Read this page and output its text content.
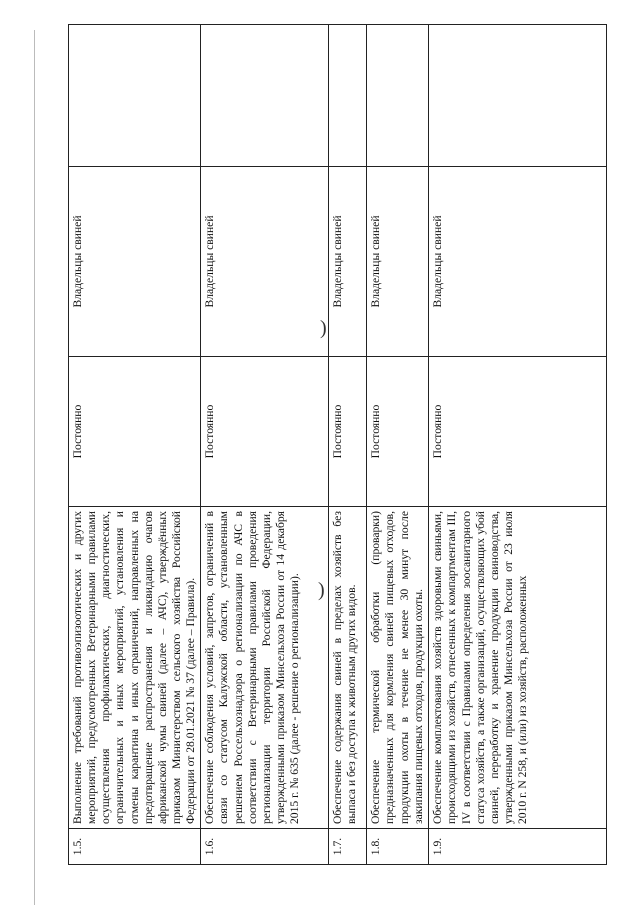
)
)
1.5.	Выполнение требований противоэпизоотических и других мероприятий, предусмотренных Ветеринарными правилами осуществления профилактических, диагностических, ограничительных и иных мероприятий, установления и отмены карантина и иных ограничений, направленных на предотвращение распространения и ликвидацию очагов африканской чумы свиней (далее – АЧС), утверждённых приказом Министерством сельского хозяйства Российской Федерации от 28.01.2021 № 37 (далее – Правила).	Постоянно	Владельцы свиней	
1.6.	Обеспечение соблюдения условий, запретов, ограничений в связи со статусом Калужской области, установленным решением Россельхознадзора о регионализации по АЧС в соответствии с Ветеринарными правилами проведения регионализации территории Российской Федерации, утвержденными приказом Минсельхоза России от 14 декабря 2015 г. № 635 (далее - решение о регионализации).	Постоянно	Владельцы свиней	
1.7.	Обеспечение содержания свиней в пределах хозяйств без выпаса и без доступа к животным других видов.	Постоянно	Владельцы свиней	
1.8.	Обеспечение термической обработки (проварки) предназначенных для кормления свиней пищевых отходов, продукции охоты в течение не менее 30 минут после закипания пищевых отходов, продукции охоты.	Постоянно	Владельцы свиней	
1.9.	Обеспечение комплектования хозяйств здоровыми свиньями, происходящими из хозяйств, отнесенных к компартментам III, IV в соответствии с Правилами определения зоосанитарного статуса хозяйств, а также организаций, осуществляющих убой свиней, переработку и хранение продукции свиноводства, утвержденными приказом Минсельхоза России от 23 июля 2010 г. N 258, и (или) из хозяйств, расположенных	Постоянно	Владельцы свиней	
